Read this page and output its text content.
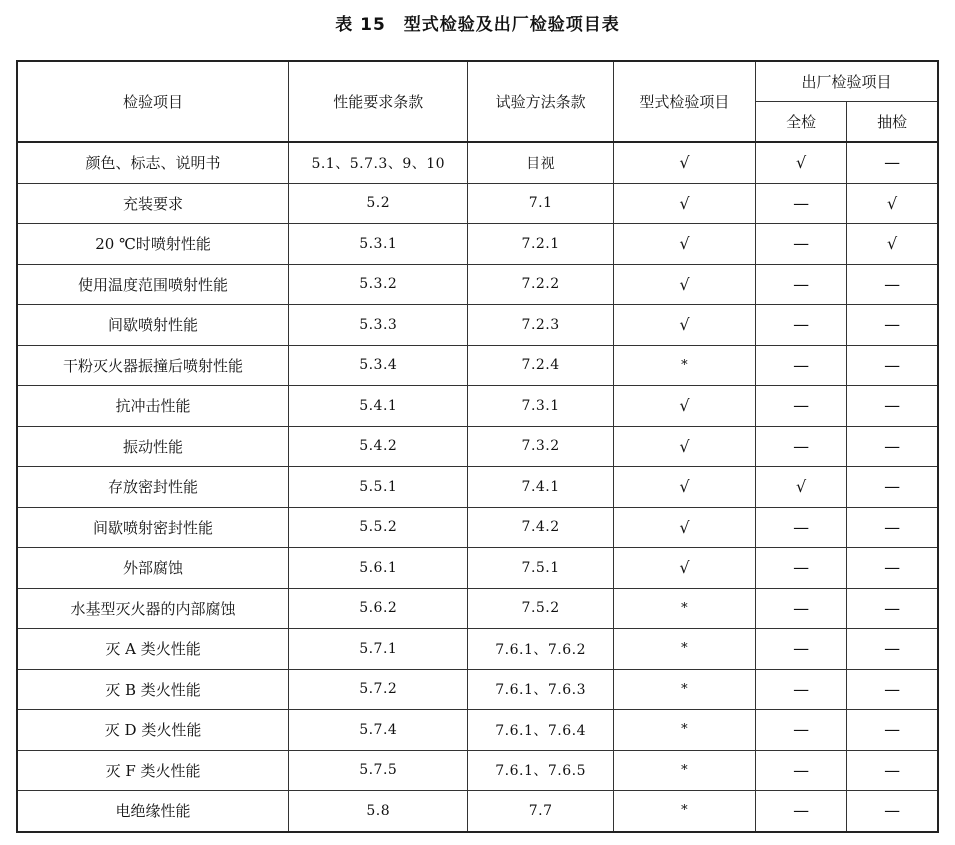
表 15 型式检验及出厂检验项目表
检验项目	性能要求条款	试验方法条款	型式检验项目	出厂检验项目	
				全检	抽检
颜色、标志、说明书	5.1、5.7.3、9、10	目视	√	√	—
充装要求	5.2	7.1	√	—	√
20 ℃时喷射性能	5.3.1	7.2.1	√	—	√
使用温度范围喷射性能	5.3.2	7.2.2	√	—	—
间歇喷射性能	5.3.3	7.2.3	√	—	—
干粉灭火器振撞后喷射性能	5.3.4	7.2.4	*	—	—
抗冲击性能	5.4.1	7.3.1	√	—	—
振动性能	5.4.2	7.3.2	√	—	—
存放密封性能	5.5.1	7.4.1	√	√	—
间歇喷射密封性能	5.5.2	7.4.2	√	—	—
外部腐蚀	5.6.1	7.5.1	√	—	—
水基型灭火器的内部腐蚀	5.6.2	7.5.2	*	—	—
灭 A 类火性能	5.7.1	7.6.1、7.6.2	*	—	—
灭 B 类火性能	5.7.2	7.6.1、7.6.3	*	—	—
灭 D 类火性能	5.7.4	7.6.1、7.6.4	*	—	—
灭 F 类火性能	5.7.5	7.6.1、7.6.5	*	—	—
电绝缘性能	5.8	7.7	*	—	—
